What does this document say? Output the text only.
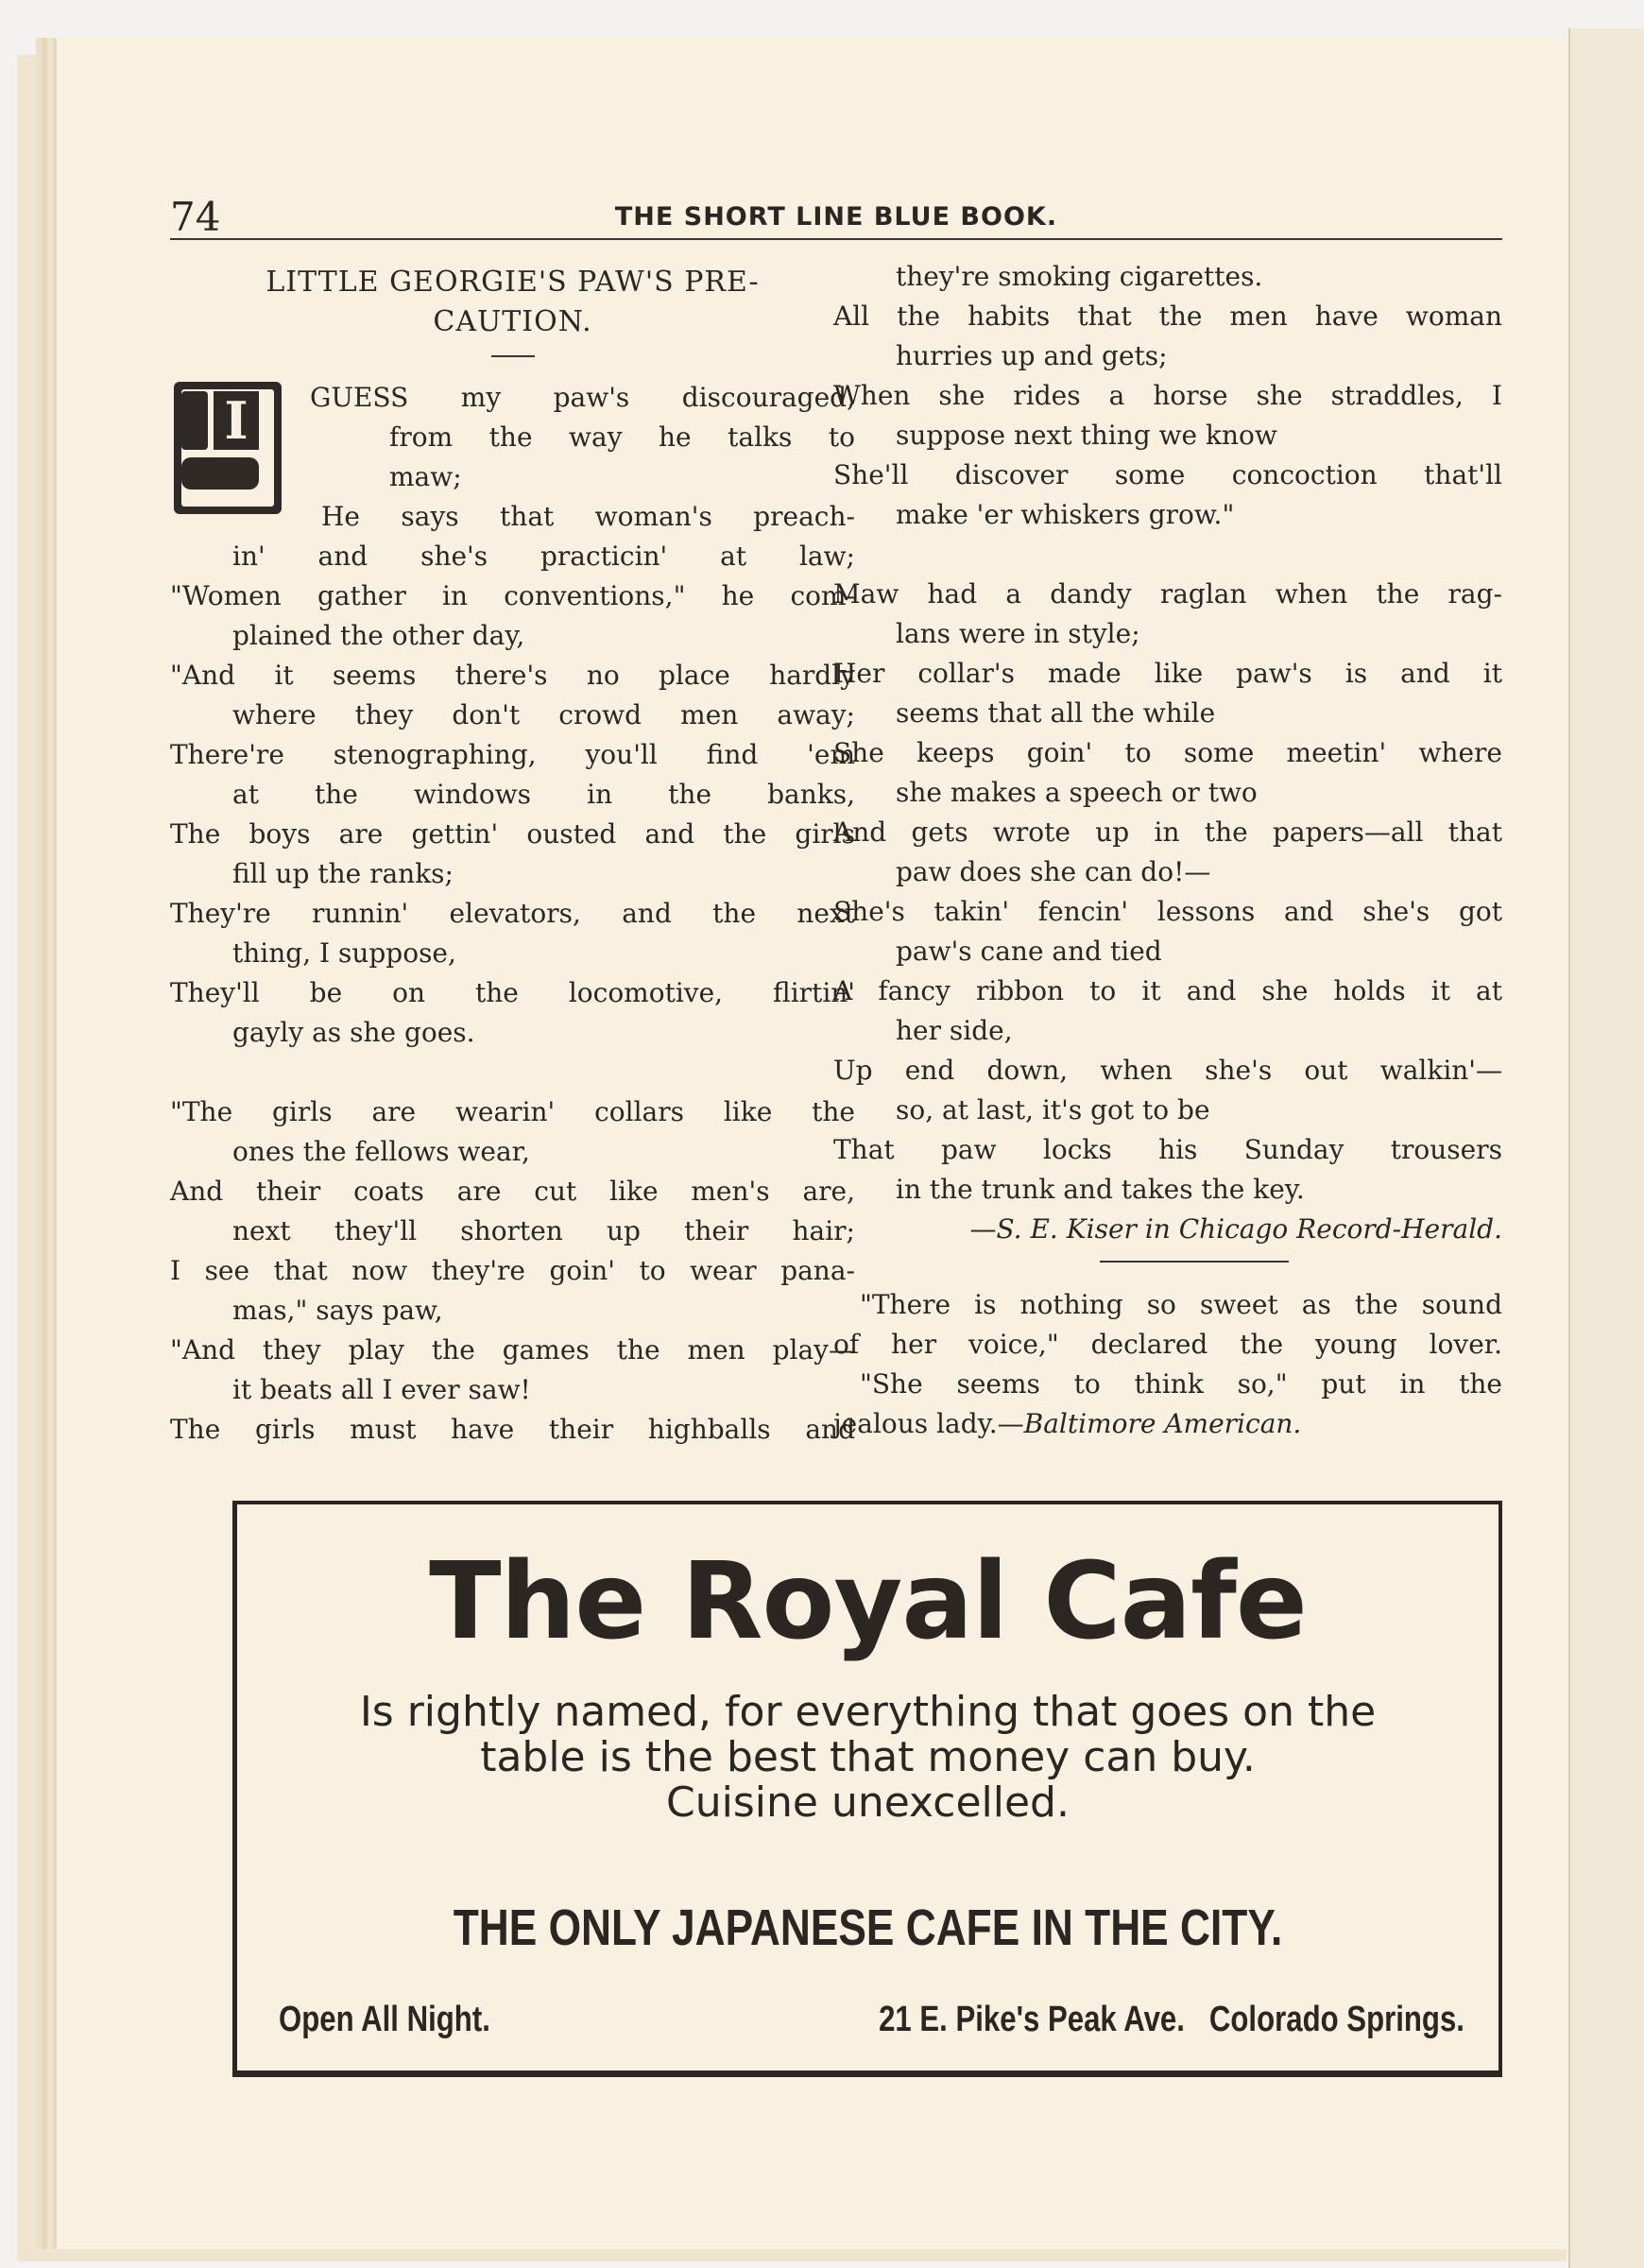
74	THE SHORT LINE BLUE BOOK.
LITTLE GEORGIE'S PAW'S PRE-
CAUTION.
I	GUESS my paw's discouraged,
from the way he talks to
maw;
He says that woman's preach-
in' and she's practicin' at law;
"Women gather in conventions," he com-
plained the other day,
"And it seems there's no place hardly
where they don't crowd men away;
There're stenographing, you'll find 'em
at the windows in the banks,
The boys are gettin' ousted and the girls
fill up the ranks;
They're runnin' elevators, and the next
thing, I suppose,
They'll be on the locomotive, flirtin'
gayly as she goes.
"The girls are wearin' collars like the
ones the fellows wear,
And their coats are cut like men's are,
next they'll shorten up their hair;
I see that now they're goin' to wear pana-
mas," says paw,
"And they play the games the men play—
it beats all I ever saw!
The girls must have their highballs and
they're smoking cigarettes.
All the habits that the men have woman
hurries up and gets;
When she rides a horse she straddles, I
suppose next thing we know
She'll discover some concoction that'll
make 'er whiskers grow."
Maw had a dandy raglan when the rag-
lans were in style;
Her collar's made like paw's is and it
seems that all the while
She keeps goin' to some meetin' where
she makes a speech or two
And gets wrote up in the papers—all that
paw does she can do!—
She's takin' fencin' lessons and she's got
paw's cane and tied
A fancy ribbon to it and she holds it at
her side,
Up end down, when she's out walkin'—
so, at last, it's got to be
That paw locks his Sunday trousers
in the trunk and takes the key.
—S. E. Kiser in Chicago Record-Herald.
"There is nothing so sweet as the sound
of her voice," declared the young lover.
"She seems to think so," put in the
jealous lady.—Baltimore American.
The Royal Cafe
Is rightly named, for everything that goes on the
table is the best that money can buy.
Cuisine unexcelled.
THE ONLY JAPANESE CAFE IN THE CITY.
Open All Night.	21 E. Pike's Peak Ave.   Colorado Springs.
